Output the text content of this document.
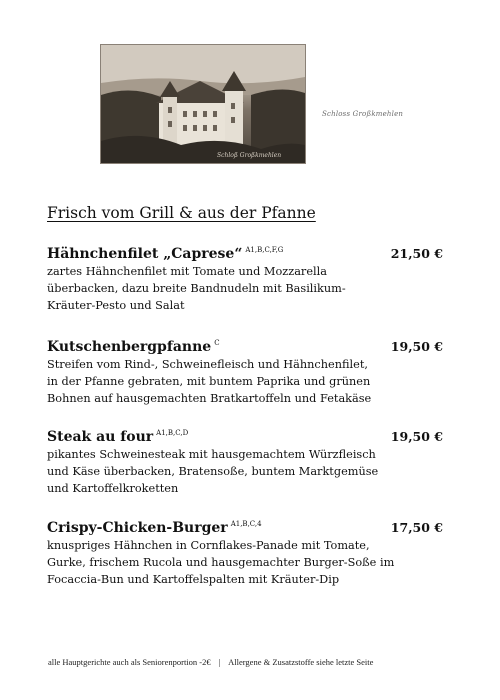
Schloß Großkmehlen
Schloss Großkmehlen
Frisch vom Grill & aus der Pfanne
Hähnchenfilet „Caprese“ $^{A1,B,C,F,G}$	21,50 €
zartes Hähnchenfilet mit Tomate und Mozzarella
überbacken, dazu breite Bandnudeln mit Basilikum-
Kräuter-Pesto und Salat
Kutschenbergpfanne $^C$	19,50 €
Streifen vom Rind-, Schweinefleisch und Hähnchenfilet,
in der Pfanne gebraten, mit buntem Paprika und grünen
Bohnen auf hausgemachten Bratkartoffeln und Fetakäse
Steak au four $^{A1,B,C,D}$	19,50 €
pikantes Schweinesteak mit hausgemachtem Würzfleisch
und Käse überbacken, Bratensoße, buntem Marktgemüse
und Kartoffelkroketten
Crispy-Chicken-Burger $^{A1,B,C,4}$	17,50 €
knuspriges Hähnchen in Cornflakes-Panade mit Tomate,
Gurke, frischem Rucola und hausgemachter Burger-Soße im
Focaccia-Bun und Kartoffelspalten mit Kräuter-Dip
alle Hauptgerichte auch als Seniorenportion -2€ | Allergene & Zusatzstoffe siehe letzte Seite
